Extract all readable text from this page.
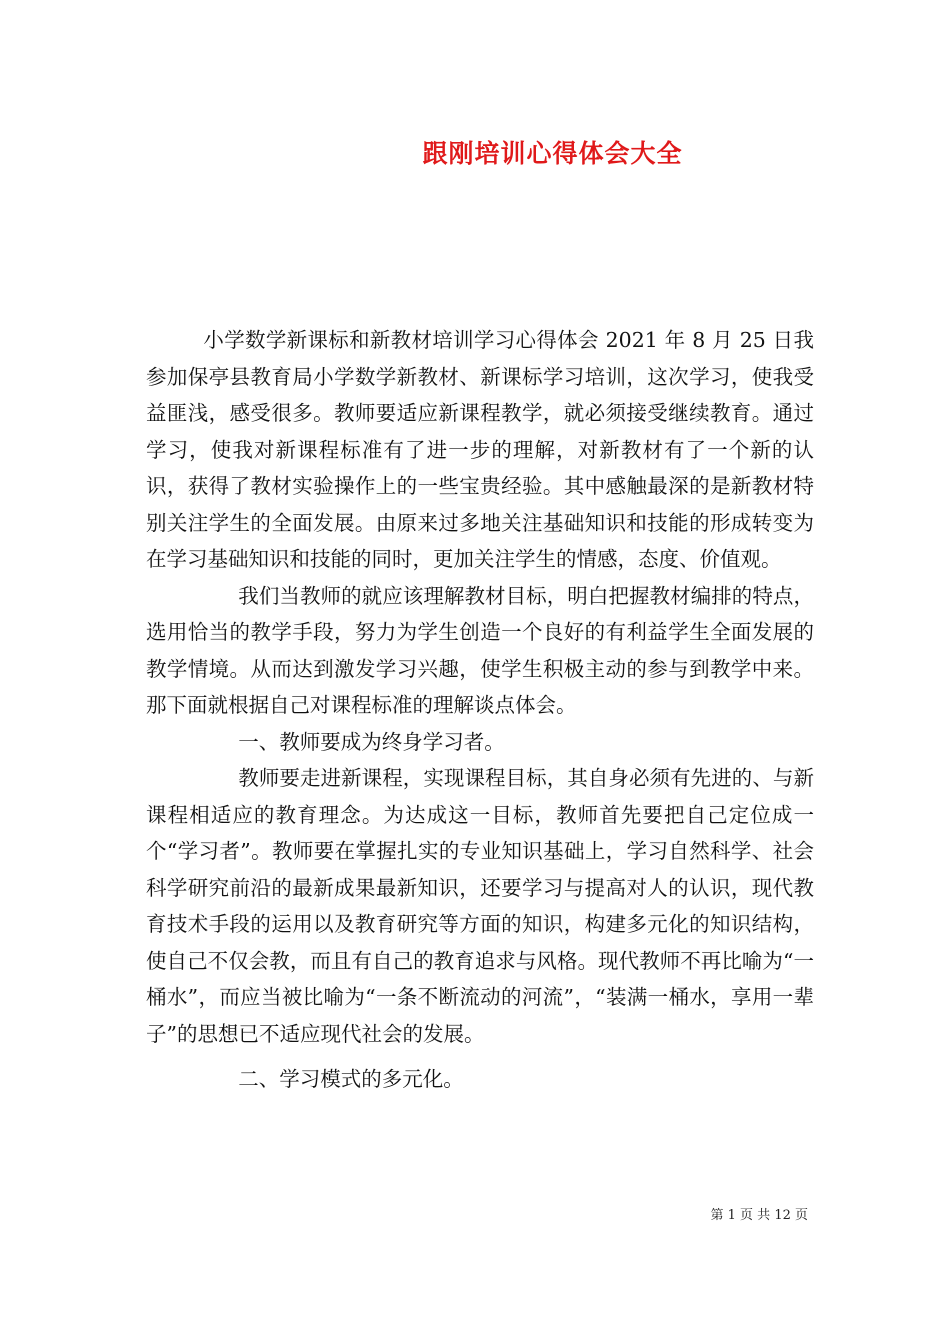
跟刚培训心得体会大全

小学数学新课标和新教材培训学习心得体会 2021 年 8 月 25 日我参加保亭县教育局小学数学新教材、新课标学习培训，这次学习，使我受益匪浅，感受很多。教师要适应新课程教学，就必须接受继续教育。通过学习，使我对新课程标准有了进一步的理解，对新教材有了一个新的认识，获得了教材实验操作上的一些宝贵经验。其中感触最深的是新教材特别关注学生的全面发展。由原来过多地关注基础知识和技能的形成转变为在学习基础知识和技能的同时，更加关注学生的情感，态度、价值观。

我们当教师的就应该理解教材目标，明白把握教材编排的特点，选用恰当的教学手段，努力为学生创造一个良好的有利益学生全面发展的教学情境。从而达到激发学习兴趣，使学生积极主动的参与到教学中来。那下面就根据自己对课程标准的理解谈点体会。

一、教师要成为终身学习者。

教师要走进新课程，实现课程目标，其自身必须有先进的、与新课程相适应的教育理念。为达成这一目标，教师首先要把自己定位成一个“学习者”。教师要在掌握扎实的专业知识基础上，学习自然科学、社会科学研究前沿的最新成果最新知识，还要学习与提高对人的认识，现代教育技术手段的运用以及教育研究等方面的知识，构建多元化的知识结构，使自己不仅会教，而且有自己的教育追求与风格。现代教师不再比喻为“一桶水”，而应当被比喻为“一条不断流动的河流”，“装满一桶水，享用一辈子”的思想已不适应现代社会的发展。

二、学习模式的多元化。

第 1 页 共 12 页
